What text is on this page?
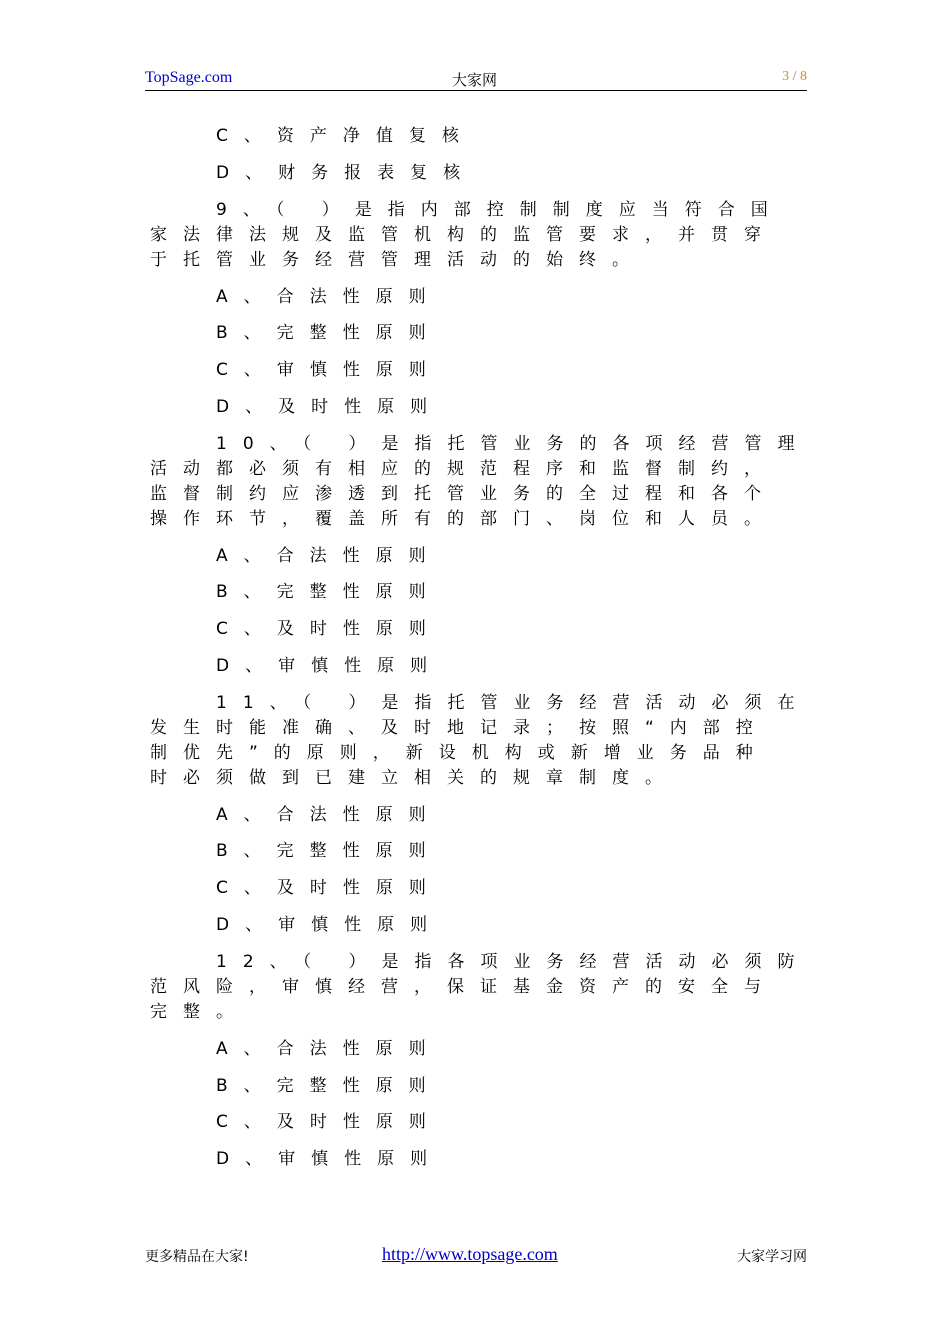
TopSage.com	大家网	3 / 8
C、资产净值复核
D、财务报表复核
9、（ ）是指内部控制制度应当符合国
家法律法规及监管机构的监管要求，并贯穿
于托管业务经营管理活动的始终。
A、合法性原则
B、完整性原则
C、审慎性原则
D、及时性原则
10、（ ）是指托管业务的各项经营管理
活动都必须有相应的规范程序和监督制约，
监督制约应渗透到托管业务的全过程和各个
操作环节，覆盖所有的部门、岗位和人员。
A、合法性原则
B、完整性原则
C、及时性原则
D、审慎性原则
11、（ ）是指托管业务经营活动必须在
发生时能准确、及时地记录；按照“内部控
制优先”的原则，新设机构或新增业务品种
时必须做到已建立相关的规章制度。
A、合法性原则
B、完整性原则
C、及时性原则
D、审慎性原则
12、（ ）是指各项业务经营活动必须防
范风险，审慎经营，保证基金资产的安全与
完整。
A、合法性原则
B、完整性原则
C、及时性原则
D、审慎性原则
更多精品在大家!	http://www.topsage.com	大家学习网
